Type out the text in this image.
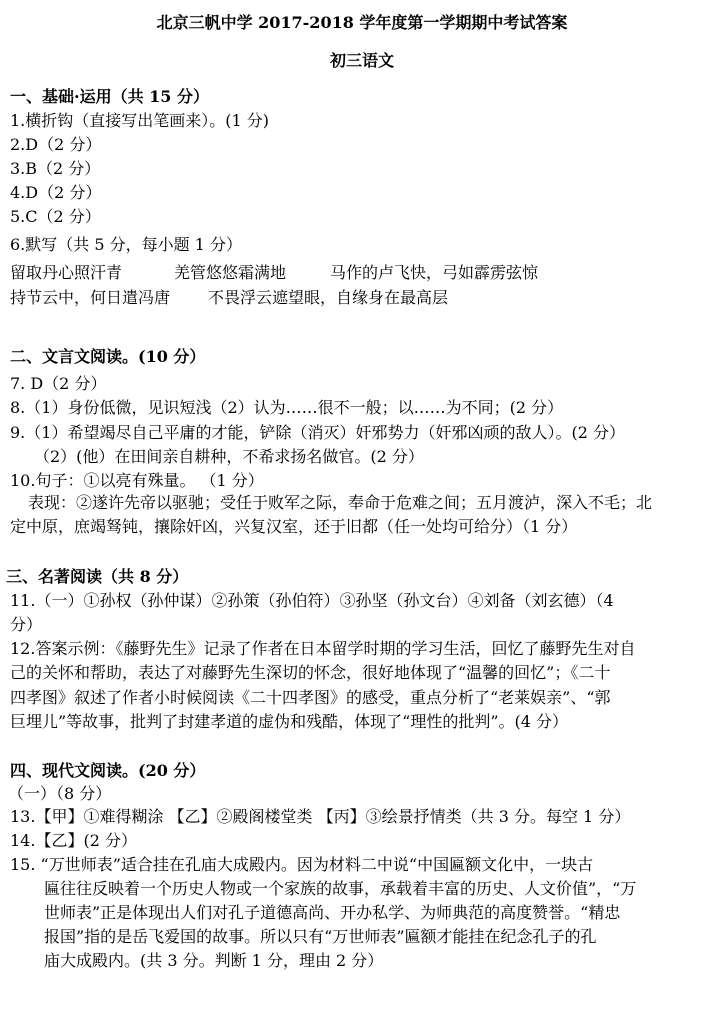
北京三帆中学 2017-2018 学年度第一学期期中考试答案
初三语文
一、基础·运用（共 15 分）
1.横折钩（直接写出笔画来）。(1 分)
2.D（2 分）
3.B（2 分）
4.D（2 分）
5.C（2 分）
6.默写（共 5 分，每小题 1 分）
留取丹心照汗青	羌管悠悠霜满地	马作的卢飞快，弓如霹雳弦惊
持节云中，何日遣冯唐 不畏浮云遮望眼，自缘身在最高层
二、文言文阅读。(10 分）
7. D（2 分）
8.（1）身份低微，见识短浅（2）认为……很不一般；以……为不同；(2 分）
9.（1）希望竭尽自己平庸的才能，铲除（消灭）奸邪势力（奸邪凶顽的敌人）。(2 分）
（2）(他）在田间亲自耕种，不希求扬名做官。(2 分）
10.句子：①以亮有殊量。 （1 分）
表现：②遂许先帝以驱驰；受任于败军之际，奉命于危难之间；五月渡泸，深入不毛；北
定中原，庶竭驽钝，攘除奸凶，兴复汉室，还于旧都（任一处均可给分）（1 分）
三、名著阅读（共 8 分）
11.（一）①孙权（孙仲谋）②孙策（孙伯符）③孙坚（孙文台）④刘备（刘玄德）（4
分）
12.答案示例：《藤野先生》记录了作者在日本留学时期的学习生活，回忆了藤野先生对自
己的关怀和帮助，表达了对藤野先生深切的怀念，很好地体现了“温馨的回忆”；《二十
四孝图》叙述了作者小时候阅读《二十四孝图》的感受，重点分析了“老莱娱亲”、“郭
巨埋儿”等故事，批判了封建孝道的虚伪和残酷，体现了“理性的批判”。(4 分）
四、现代文阅读。(20 分）
（一）（8 分）
13.【甲】①难得糊涂 【乙】②殿阁楼堂类 【丙】③绘景抒情类（共 3 分。每空 1 分）
14.【乙】(2 分）
15. “万世师表”适合挂在孔庙大成殿内。因为材料二中说“中国匾额文化中，一块古
匾往往反映着一个历史人物或一个家族的故事，承载着丰富的历史、人文价值”，“万
世师表”正是体现出人们对孔子道德高尚、开办私学、为师典范的高度赞誉。“精忠
报国”指的是岳飞爱国的故事。所以只有“万世师表”匾额才能挂在纪念孔子的孔
庙大成殿内。(共 3 分。判断 1 分，理由 2 分）
